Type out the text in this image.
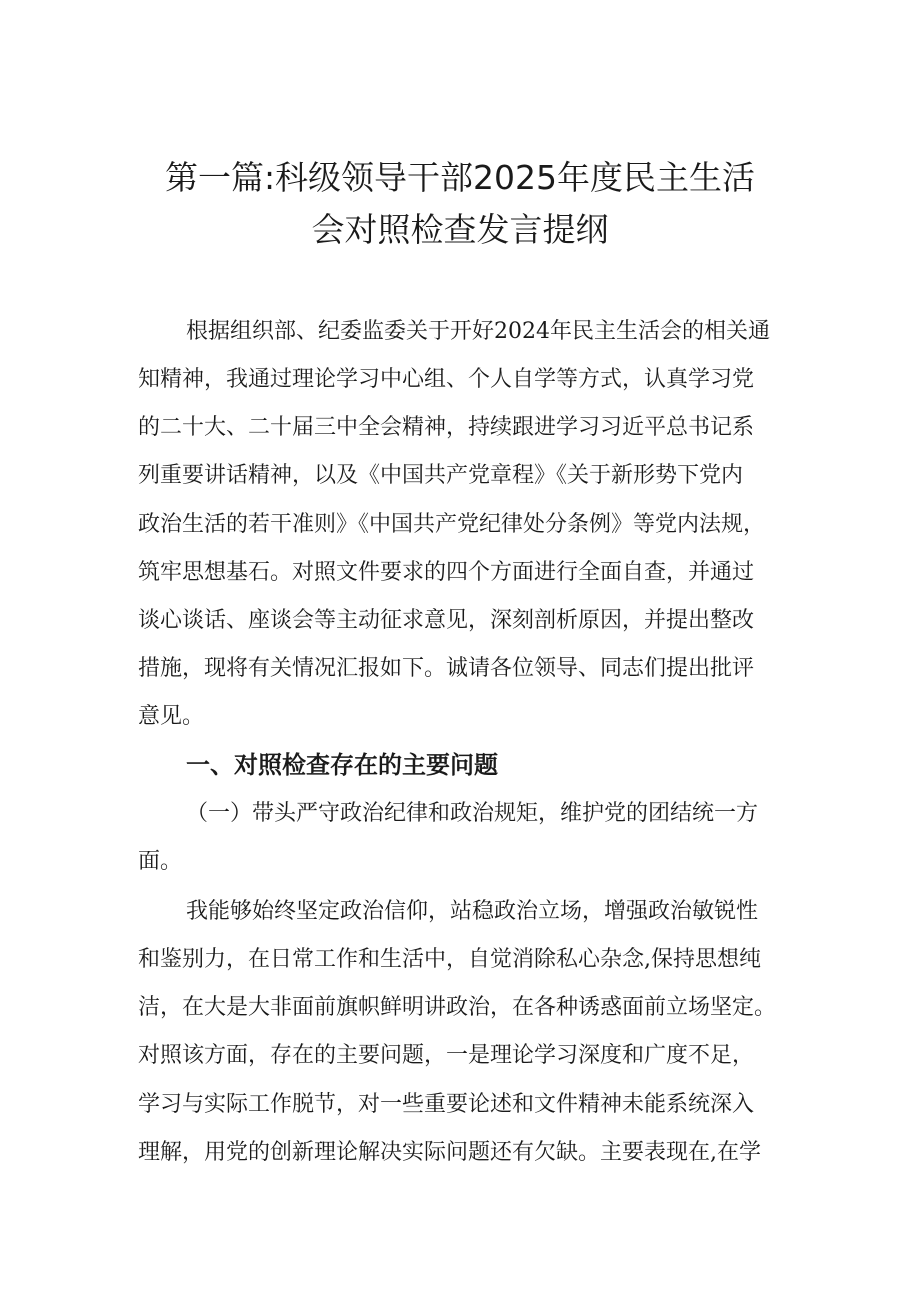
第一篇:科级领导干部2025年度民主生活
会对照检查发言提纲

根据组织部、纪委监委关于开好2024年民主生活会的相关通

知精神，我通过理论学习中心组、个人自学等方式，认真学习党

的二十大、二十届三中全会精神，持续跟进学习习近平总书记系

列重要讲话精神，以及《中国共产党章程》《关于新形势下党内

政治生活的若干准则》《中国共产党纪律处分条例》等党内法规，

筑牢思想基石。对照文件要求的四个方面进行全面自查，并通过

谈心谈话、座谈会等主动征求意见，深刻剖析原因，并提出整改

措施，现将有关情况汇报如下。诚请各位领导、同志们提出批评

意见。

一、对照检查存在的主要问题

（一）带头严守政治纪律和政治规矩，维护党的团结统一方

面。

我能够始终坚定政治信仰，站稳政治立场，增强政治敏锐性

和鉴别力，在日常工作和生活中，自觉消除私心杂念,保持思想纯

洁，在大是大非面前旗帜鲜明讲政治，在各种诱惑面前立场坚定。

对照该方面，存在的主要问题，一是理论学习深度和广度不足，

学习与实际工作脱节，对一些重要论述和文件精神未能系统深入

理解，用党的创新理论解决实际问题还有欠缺。主要表现在,在学
